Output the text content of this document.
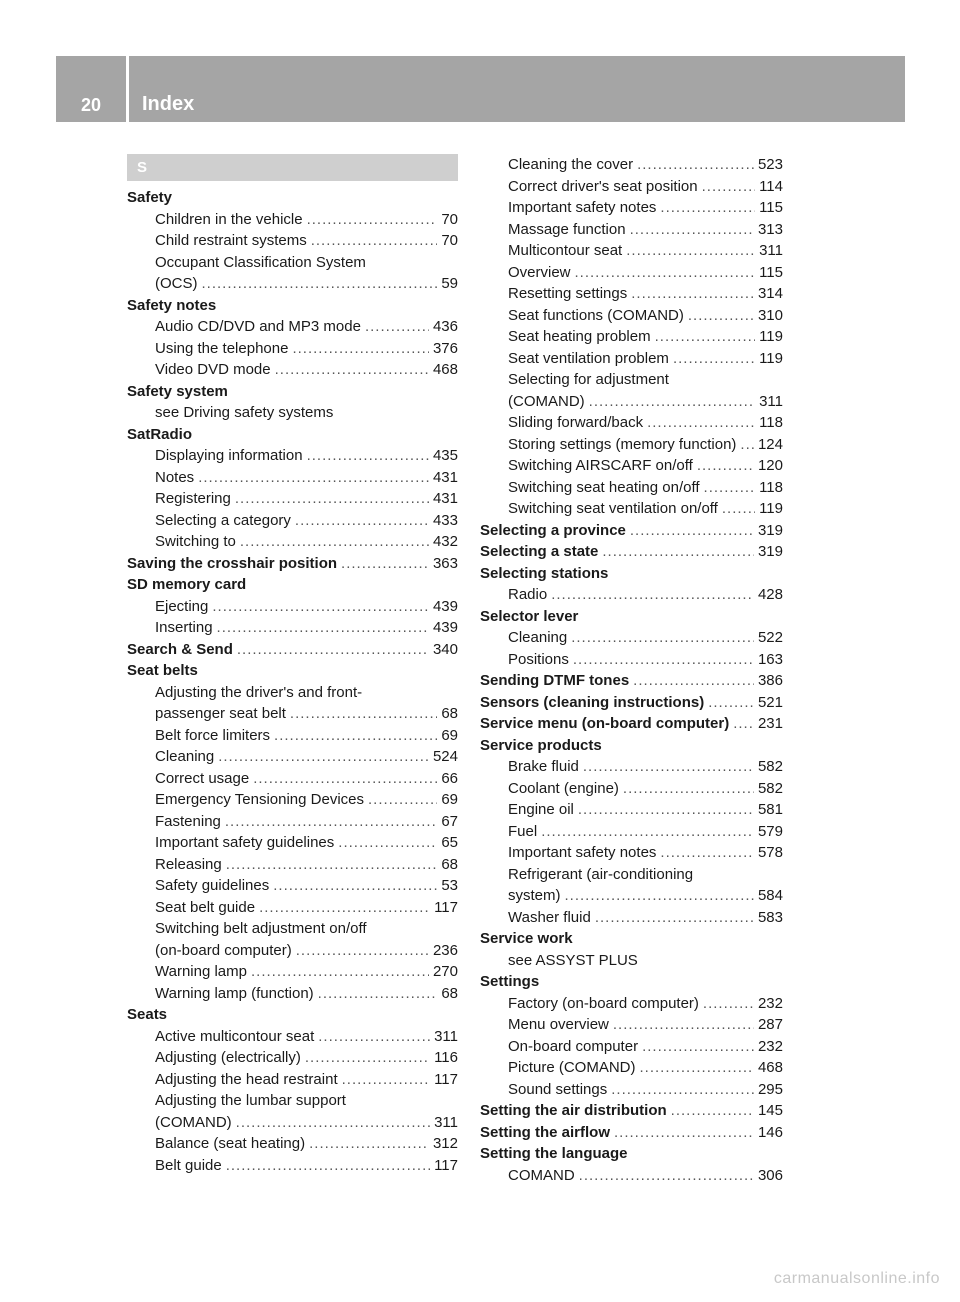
20	Index
S
Safety
Children in the vehicle .....	70
Child restraint systems .....	70
Occupant Classification System
(OCS) .....	59
Safety notes
Audio CD/DVD and MP3 mode .....	436
Using the telephone .....	376
Video DVD mode .....	468
Safety system
see Driving safety systems
SatRadio
Displaying information .....	435
Notes .....	431
Registering .....	431
Selecting a category .....	433
Switching to .....	432
Saving the crosshair position .....	363
SD memory card
Ejecting .....	439
Inserting .....	439
Search & Send .....	340
Seat belts
Adjusting the driver's and front-
passenger seat belt .....	68
Belt force limiters .....	69
Cleaning .....	524
Correct usage .....	66
Emergency Tensioning Devices .....	69
Fastening .....	67
Important safety guidelines .....	65
Releasing .....	68
Safety guidelines .....	53
Seat belt guide .....	117
Switching belt adjustment on/off
(on-board computer) .....	236
Warning lamp .....	270
Warning lamp (function) .....	68
Seats
Active multicontour seat .....	311
Adjusting (electrically) .....	116
Adjusting the head restraint .....	117
Adjusting the lumbar support
(COMAND) .....	311
Balance (seat heating) .....	312
Belt guide .....	117
Cleaning the cover .....	523
Correct driver's seat position .....	114
Important safety notes .....	115
Massage function .....	313
Multicontour seat .....	311
Overview .....	115
Resetting settings .....	314
Seat functions (COMAND) .....	310
Seat heating problem .....	119
Seat ventilation problem .....	119
Selecting for adjustment
(COMAND) .....	311
Sliding forward/back .....	118
Storing settings (memory function) ..... 124
Switching AIRSCARF on/off .....	120
Switching seat heating on/off .....	118
Switching seat ventilation on/off .....	119
Selecting a province .....	319
Selecting a state .....	319
Selecting stations
Radio .....	428
Selector lever
Cleaning .....	522
Positions .....	163
Sending DTMF tones .....	386
Sensors (cleaning instructions) .....	521
Service menu (on-board computer) ..... 231
Service products
Brake fluid .....	582
Coolant (engine) .....	582
Engine oil .....	581
Fuel .....	579
Important safety notes .....	578
Refrigerant (air-conditioning
system) .....	584
Washer fluid .....	583
Service work
see ASSYST PLUS
Settings
Factory (on-board computer) .....	232
Menu overview .....	287
On-board computer .....	232
Picture (COMAND) .....	468
Sound settings .....	295
Setting the air distribution .....	145
Setting the airflow .....	146
Setting the language
COMAND .....	306
carmanualsonline.info
